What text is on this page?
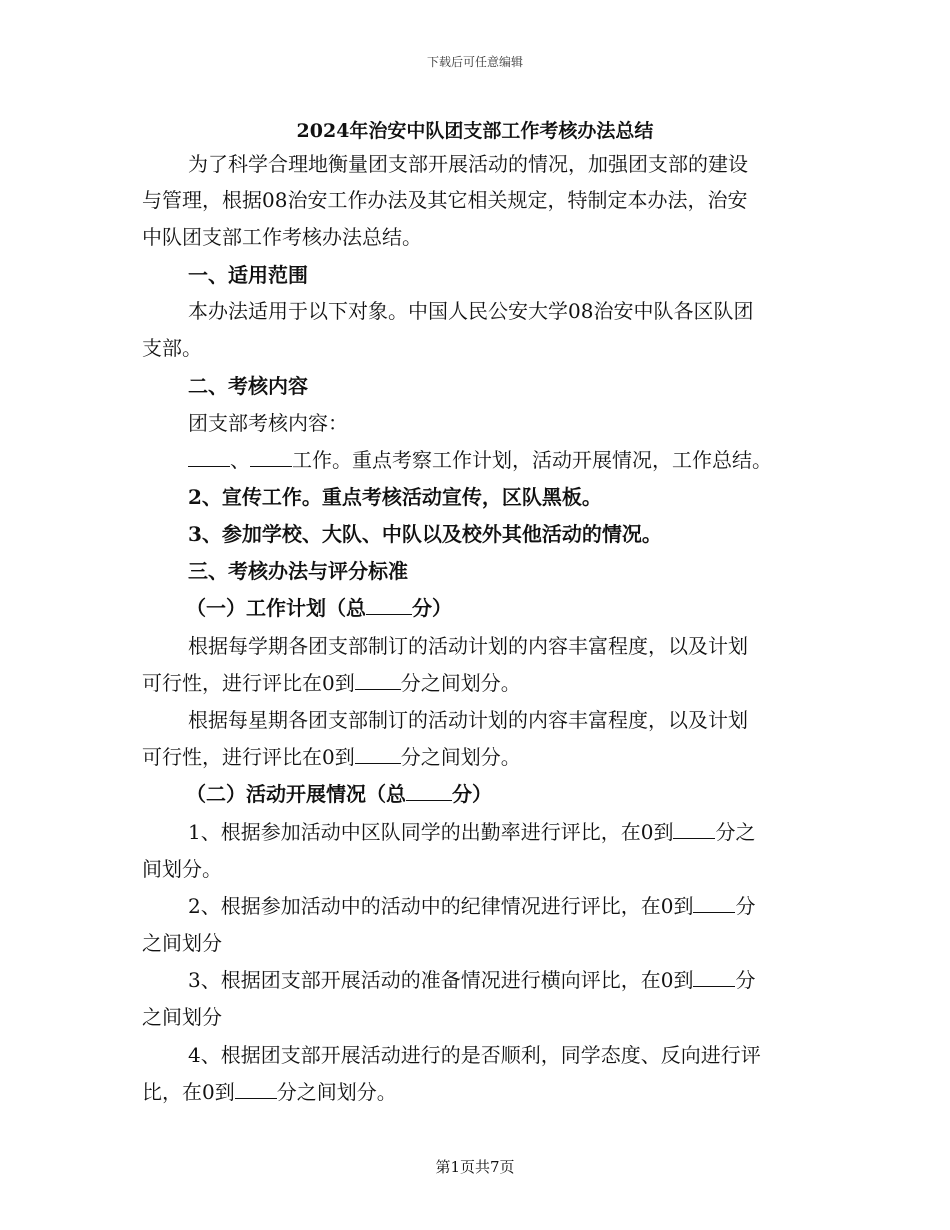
下载后可任意编辑
2024年治安中队团支部工作考核办法总结
为了科学合理地衡量团支部开展活动的情况，加强团支部的建设
与管理，根据08治安工作办法及其它相关规定，特制定本办法，治安
中队团支部工作考核办法总结。
一、适用范围
本办法适用于以下对象。中国人民公安大学08治安中队各区队团
支部。
二、考核内容
团支部考核内容：
、 工作。重点考察工作计划，活动开展情况，工作总结。
2、宣传工作。重点考核活动宣传，区队黑板。
3、参加学校、大队、中队以及校外其他活动的情况。
三、考核办法与评分标准
（一）工作计划（总 分）
根据每学期各团支部制订的活动计划的内容丰富程度，以及计划
可行性，进行评比在0到 分之间划分。
根据每星期各团支部制订的活动计划的内容丰富程度，以及计划
可行性，进行评比在0到 分之间划分。
（二）活动开展情况（总 分）
1、根据参加活动中区队同学的出勤率进行评比，在0到 分之
间划分。
2、根据参加活动中的活动中的纪律情况进行评比，在0到 分
之间划分
3、根据团支部开展活动的准备情况进行横向评比，在0到 分
之间划分
4、根据团支部开展活动进行的是否顺利，同学态度、反向进行评
比，在0到 分之间划分。
第1页共7页
